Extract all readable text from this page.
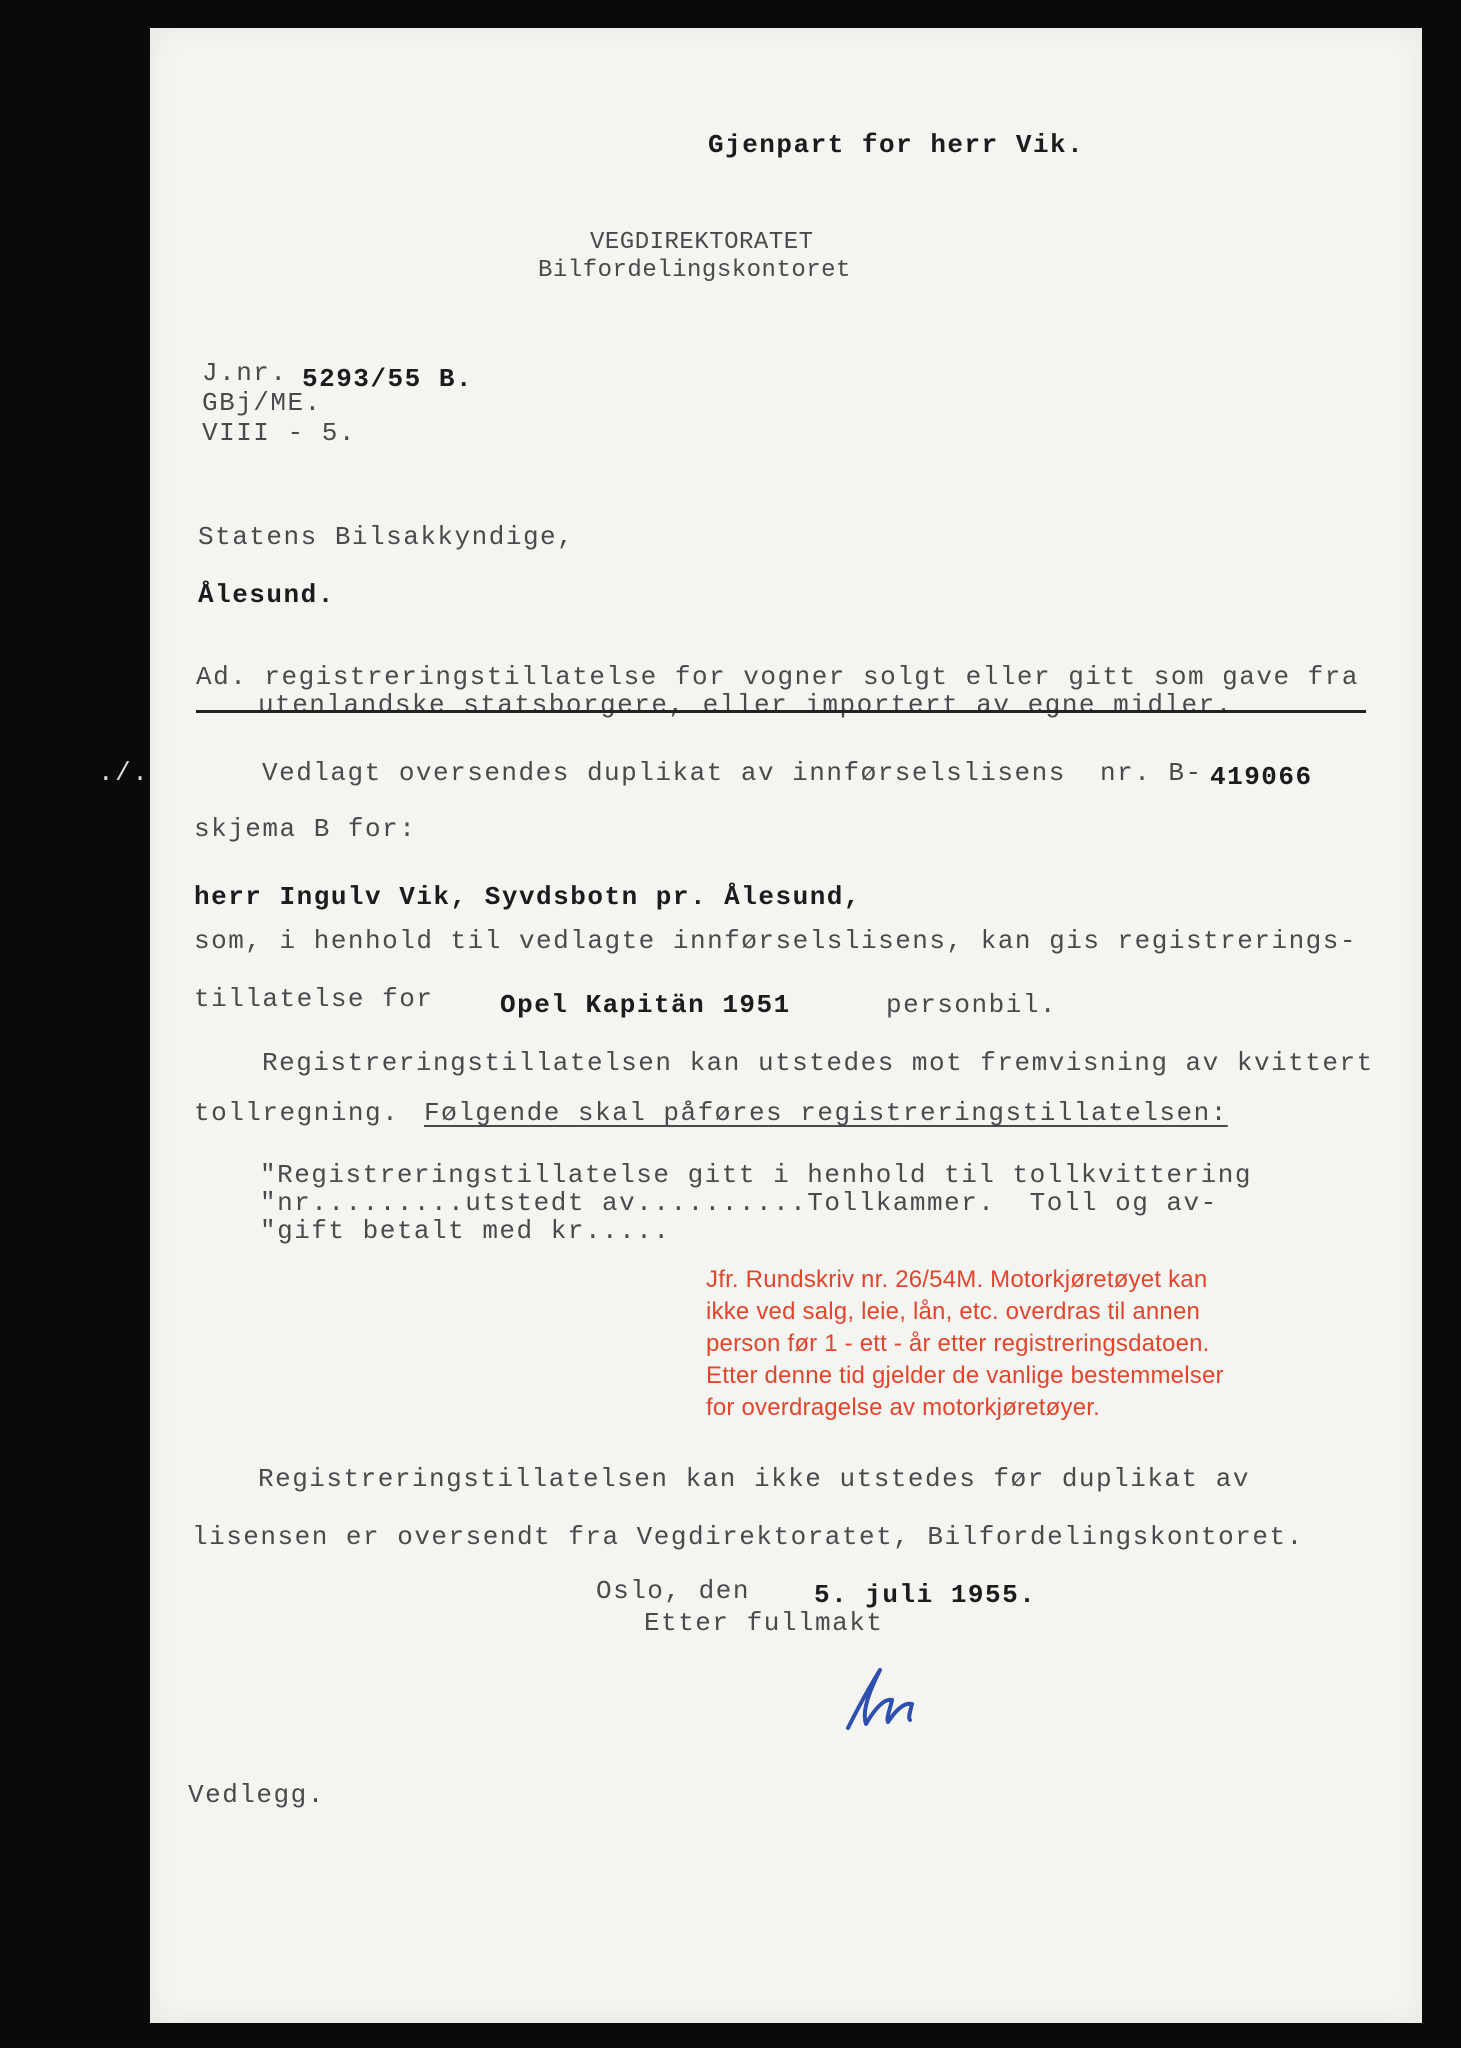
Gjenpart for herr Vik.
VEGDIREKTORATET
Bilfordelingskontoret
J.nr. 5293/55 B.
GBj/ME.
VIII - 5.
Statens Bilsakkyndige,
Ålesund.
Ad. registreringstillatelse for vogner solgt eller gitt som gave fra
utenlandske statsborgere, eller importert av egne midler.
./.	Vedlagt oversendes duplikat av innførselslisens  nr. B- 419066
skjema B for:
herr Ingulv Vik, Syvdsbotn pr. Ålesund,
som, i henhold til vedlagte innførselslisens, kan gis registrerings-
tillatelse for	Opel Kapitän 1951	personbil.
Registreringstillatelsen kan utstedes mot fremvisning av kvittert
tollregning. Følgende skal påføres registreringstillatelsen:
"Registreringstillatelse gitt i henhold til tollkvittering
"nr.........utstedt av..........Tollkammer.  Toll og av-
"gift betalt med kr.....
Jfr. Rundskriv nr. 26/54M. Motorkjøretøyet kan
ikke ved salg, leie, lån, etc. overdras til annen
person før 1 - ett - år etter registreringsdatoen.
Etter denne tid gjelder de vanlige bestemmelser
for overdragelse av motorkjøretøyer.
Registreringstillatelsen kan ikke utstedes før duplikat av
lisensen er oversendt fra Vegdirektoratet, Bilfordelingskontoret.
Oslo, den 5. juli 1955.
Etter fullmakt
Vedlegg.
